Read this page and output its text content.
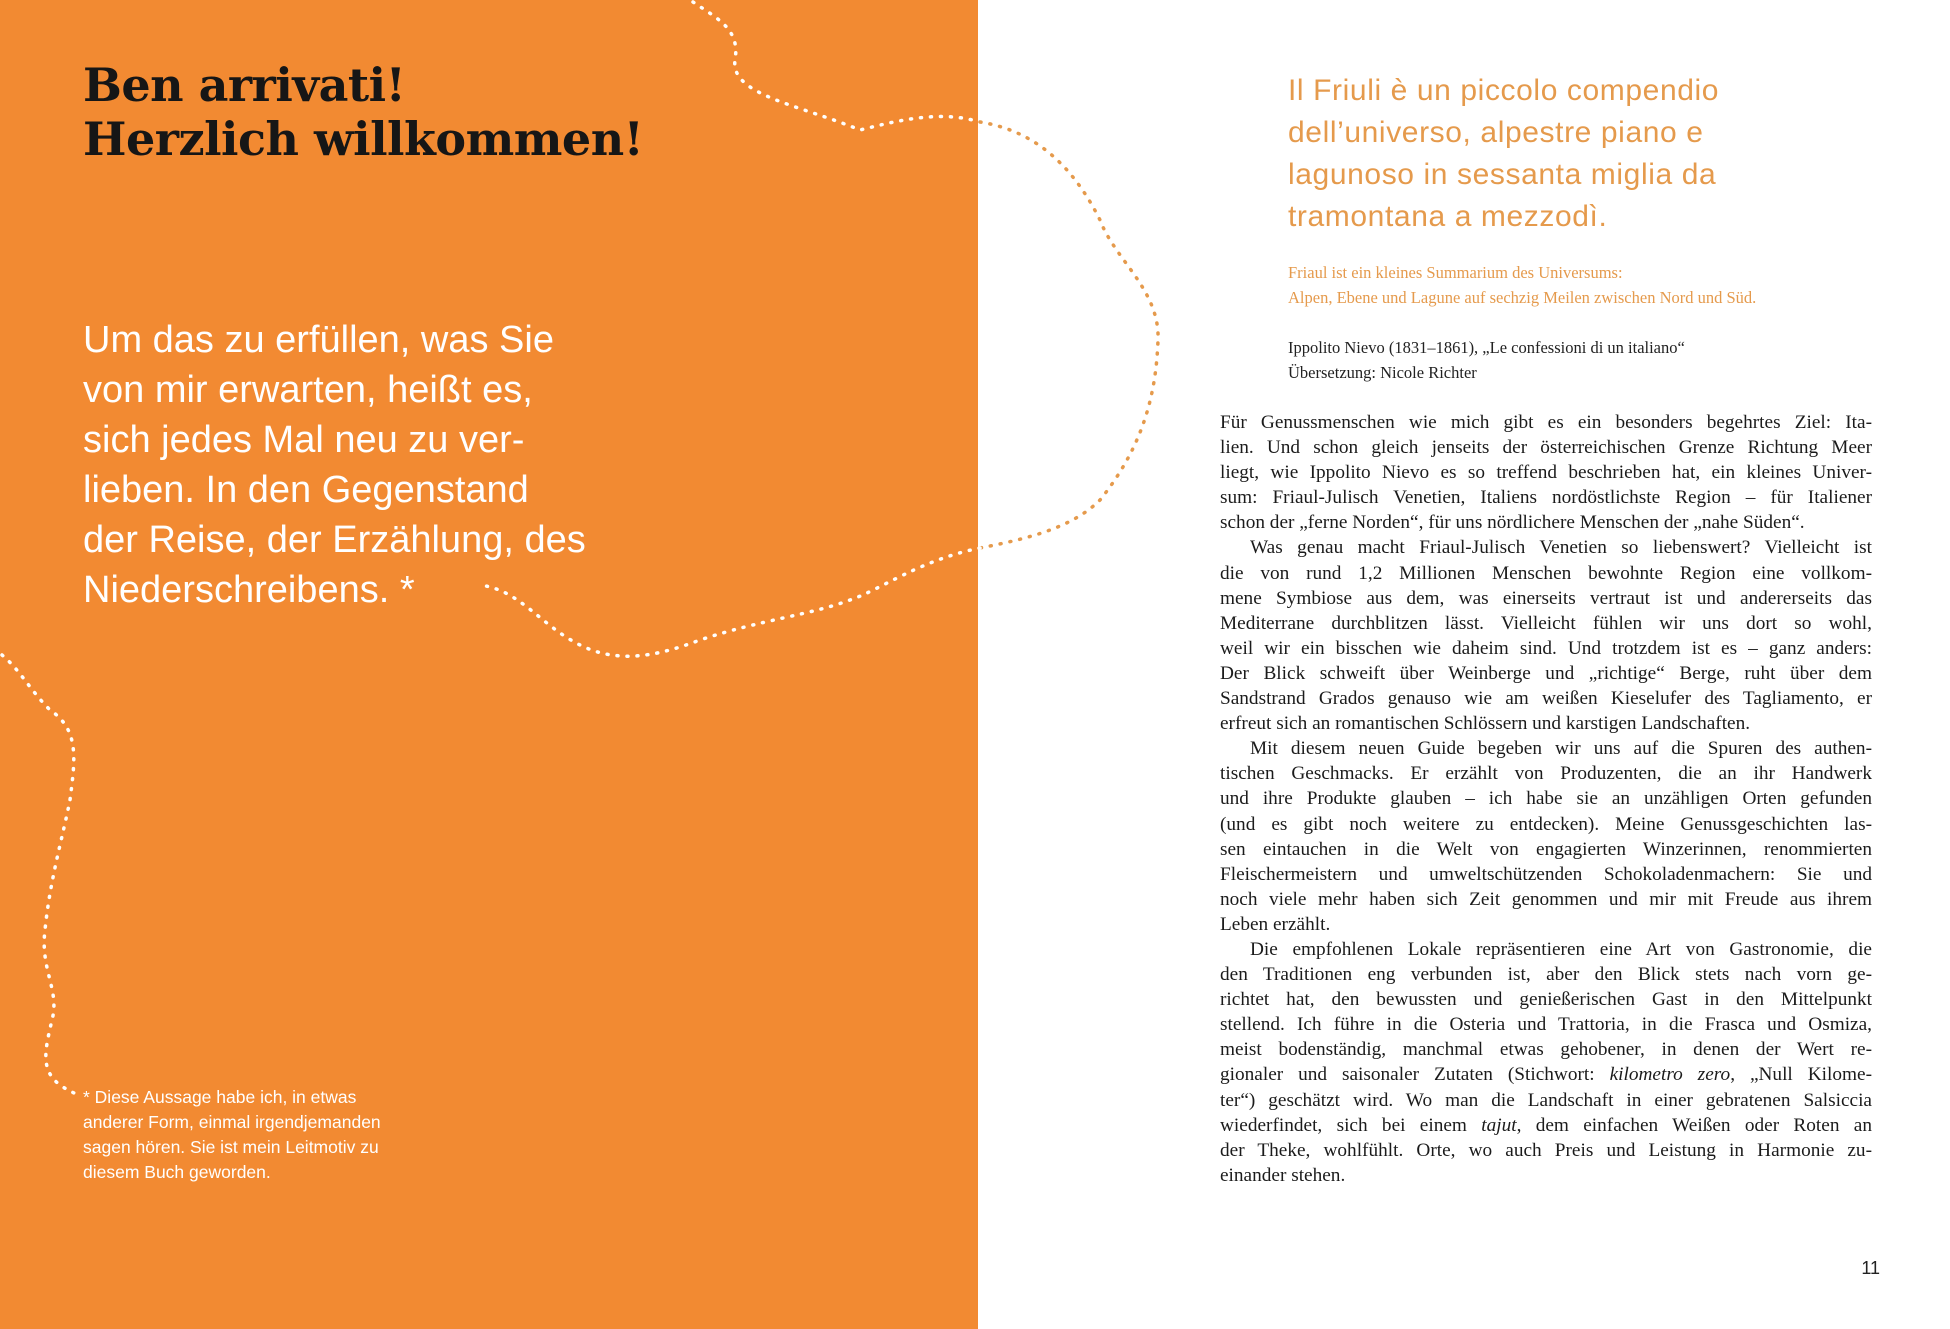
Ben arrivati!
Herzlich willkommen!

Um das zu erfüllen, was Sie
von mir erwarten, heißt es,
sich jedes Mal neu zu ver-
lieben. In den Gegenstand
der Reise, der Erzählung, des
Niederschreibens. *

* Diese Aussage habe ich, in etwas
anderer Form, einmal irgendjemanden
sagen hören. Sie ist mein Leitmotiv zu
diesem Buch geworden.

Il Friuli è un piccolo compendio
dell’universo, alpestre piano e
lagunoso in sessanta miglia da
tramontana a mezzodì.

Friaul ist ein kleines Summarium des Universums:
Alpen, Ebene und Lagune auf sechzig Meilen zwischen Nord und Süd.

Ippolito Nievo (1831–1861), „Le confessioni di un italiano“
Übersetzung: Nicole Richter

Für Genussmenschen wie mich gibt es ein besonders begehrtes Ziel: Ita-
lien. Und schon gleich jenseits der österreichischen Grenze Richtung Meer
liegt, wie Ippolito Nievo es so treffend beschrieben hat, ein kleines Univer-
sum: Friaul-Julisch Venetien, Italiens nordöstlichste Region – für Italiener
schon der „ferne Norden“, für uns nördlichere Menschen der „nahe Süden“.
Was genau macht Friaul-Julisch Venetien so liebenswert? Vielleicht ist
die von rund 1,2 Millionen Menschen bewohnte Region eine vollkom-
mene Symbiose aus dem, was einerseits vertraut ist und andererseits das
Mediterrane durchblitzen lässt. Vielleicht fühlen wir uns dort so wohl,
weil wir ein bisschen wie daheim sind. Und trotzdem ist es – ganz anders:
Der Blick schweift über Weinberge und „richtige“ Berge, ruht über dem
Sandstrand Grados genauso wie am weißen Kieselufer des Tagliamento, er
erfreut sich an romantischen Schlössern und karstigen Landschaften.
Mit diesem neuen Guide begeben wir uns auf die Spuren des authen-
tischen Geschmacks. Er erzählt von Produzenten, die an ihr Handwerk
und ihre Produkte glauben – ich habe sie an unzähligen Orten gefunden
(und es gibt noch weitere zu entdecken). Meine Genussgeschichten las-
sen eintauchen in die Welt von engagierten Winzerinnen, renommierten
Fleischermeistern und umweltschützenden Schokoladenmachern: Sie und
noch viele mehr haben sich Zeit genommen und mir mit Freude aus ihrem
Leben erzählt.
Die empfohlenen Lokale repräsentieren eine Art von Gastronomie, die
den Traditionen eng verbunden ist, aber den Blick stets nach vorn ge-
richtet hat, den bewussten und genießerischen Gast in den Mittelpunkt
stellend. Ich führe in die Osteria und Trattoria, in die Frasca und Osmiza,
meist bodenständig, manchmal etwas gehobener, in denen der Wert re-
gionaler und saisonaler Zutaten (Stichwort: kilometro zero, „Null Kilome-
ter“) geschätzt wird. Wo man die Landschaft in einer gebratenen Salsiccia
wiederfindet, sich bei einem tajut, dem einfachen Weißen oder Roten an
der Theke, wohlfühlt. Orte, wo auch Preis und Leistung in Harmonie zu-
einander stehen.
11
